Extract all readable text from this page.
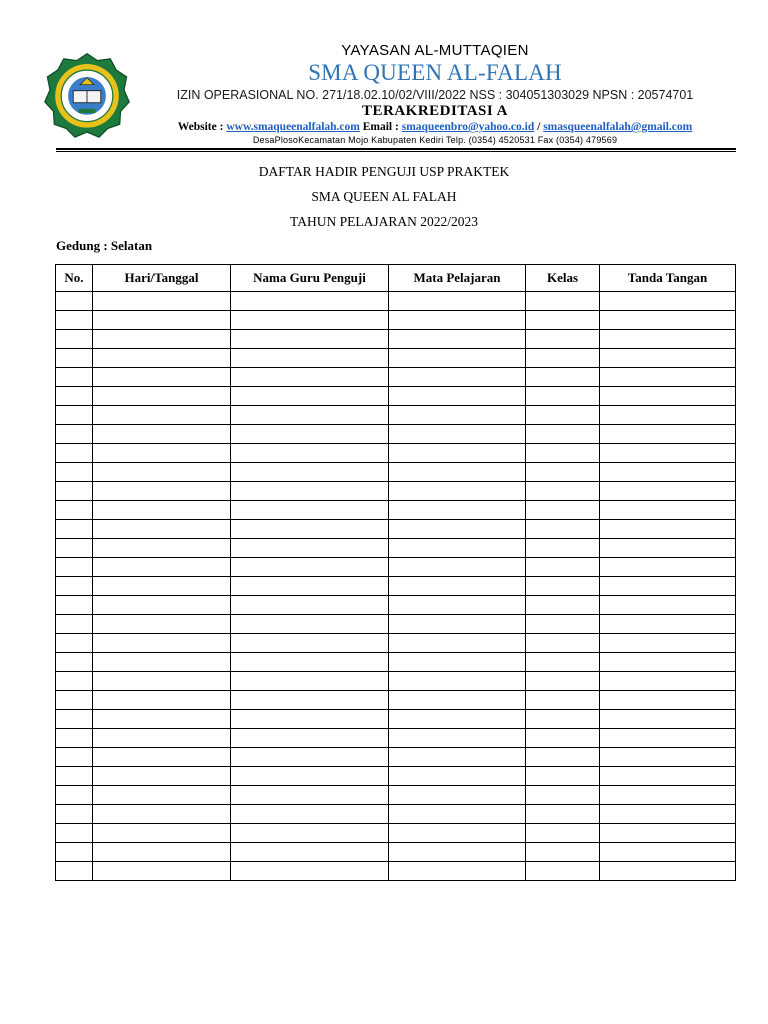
YAYASAN AL-MUTTAQIEN
SMA QUEEN AL-FALAH
IZIN OPERASIONAL NO. 271/18.02.10/02/VIII/2022 NSS : 304051303029 NPSN : 20574701
TERAKREDITASI A
Website : www.smaqueenalfalah.com Email : smaqueenbro@yahoo.co.id / smasqueenalfalah@gmail.com
DesaPlosoKecamatan Mojo Kabupaten Kediri Telp. (0354) 4520531 Fax (0354) 479569
DAFTAR HADIR PENGUJI USP PRAKTEK
SMA QUEEN AL FALAH
TAHUN PELAJARAN 2022/2023
Gedung : Selatan
No.	Hari/Tanggal	Nama Guru Penguji	Mata Pelajaran	Kelas	Tanda Tangan
